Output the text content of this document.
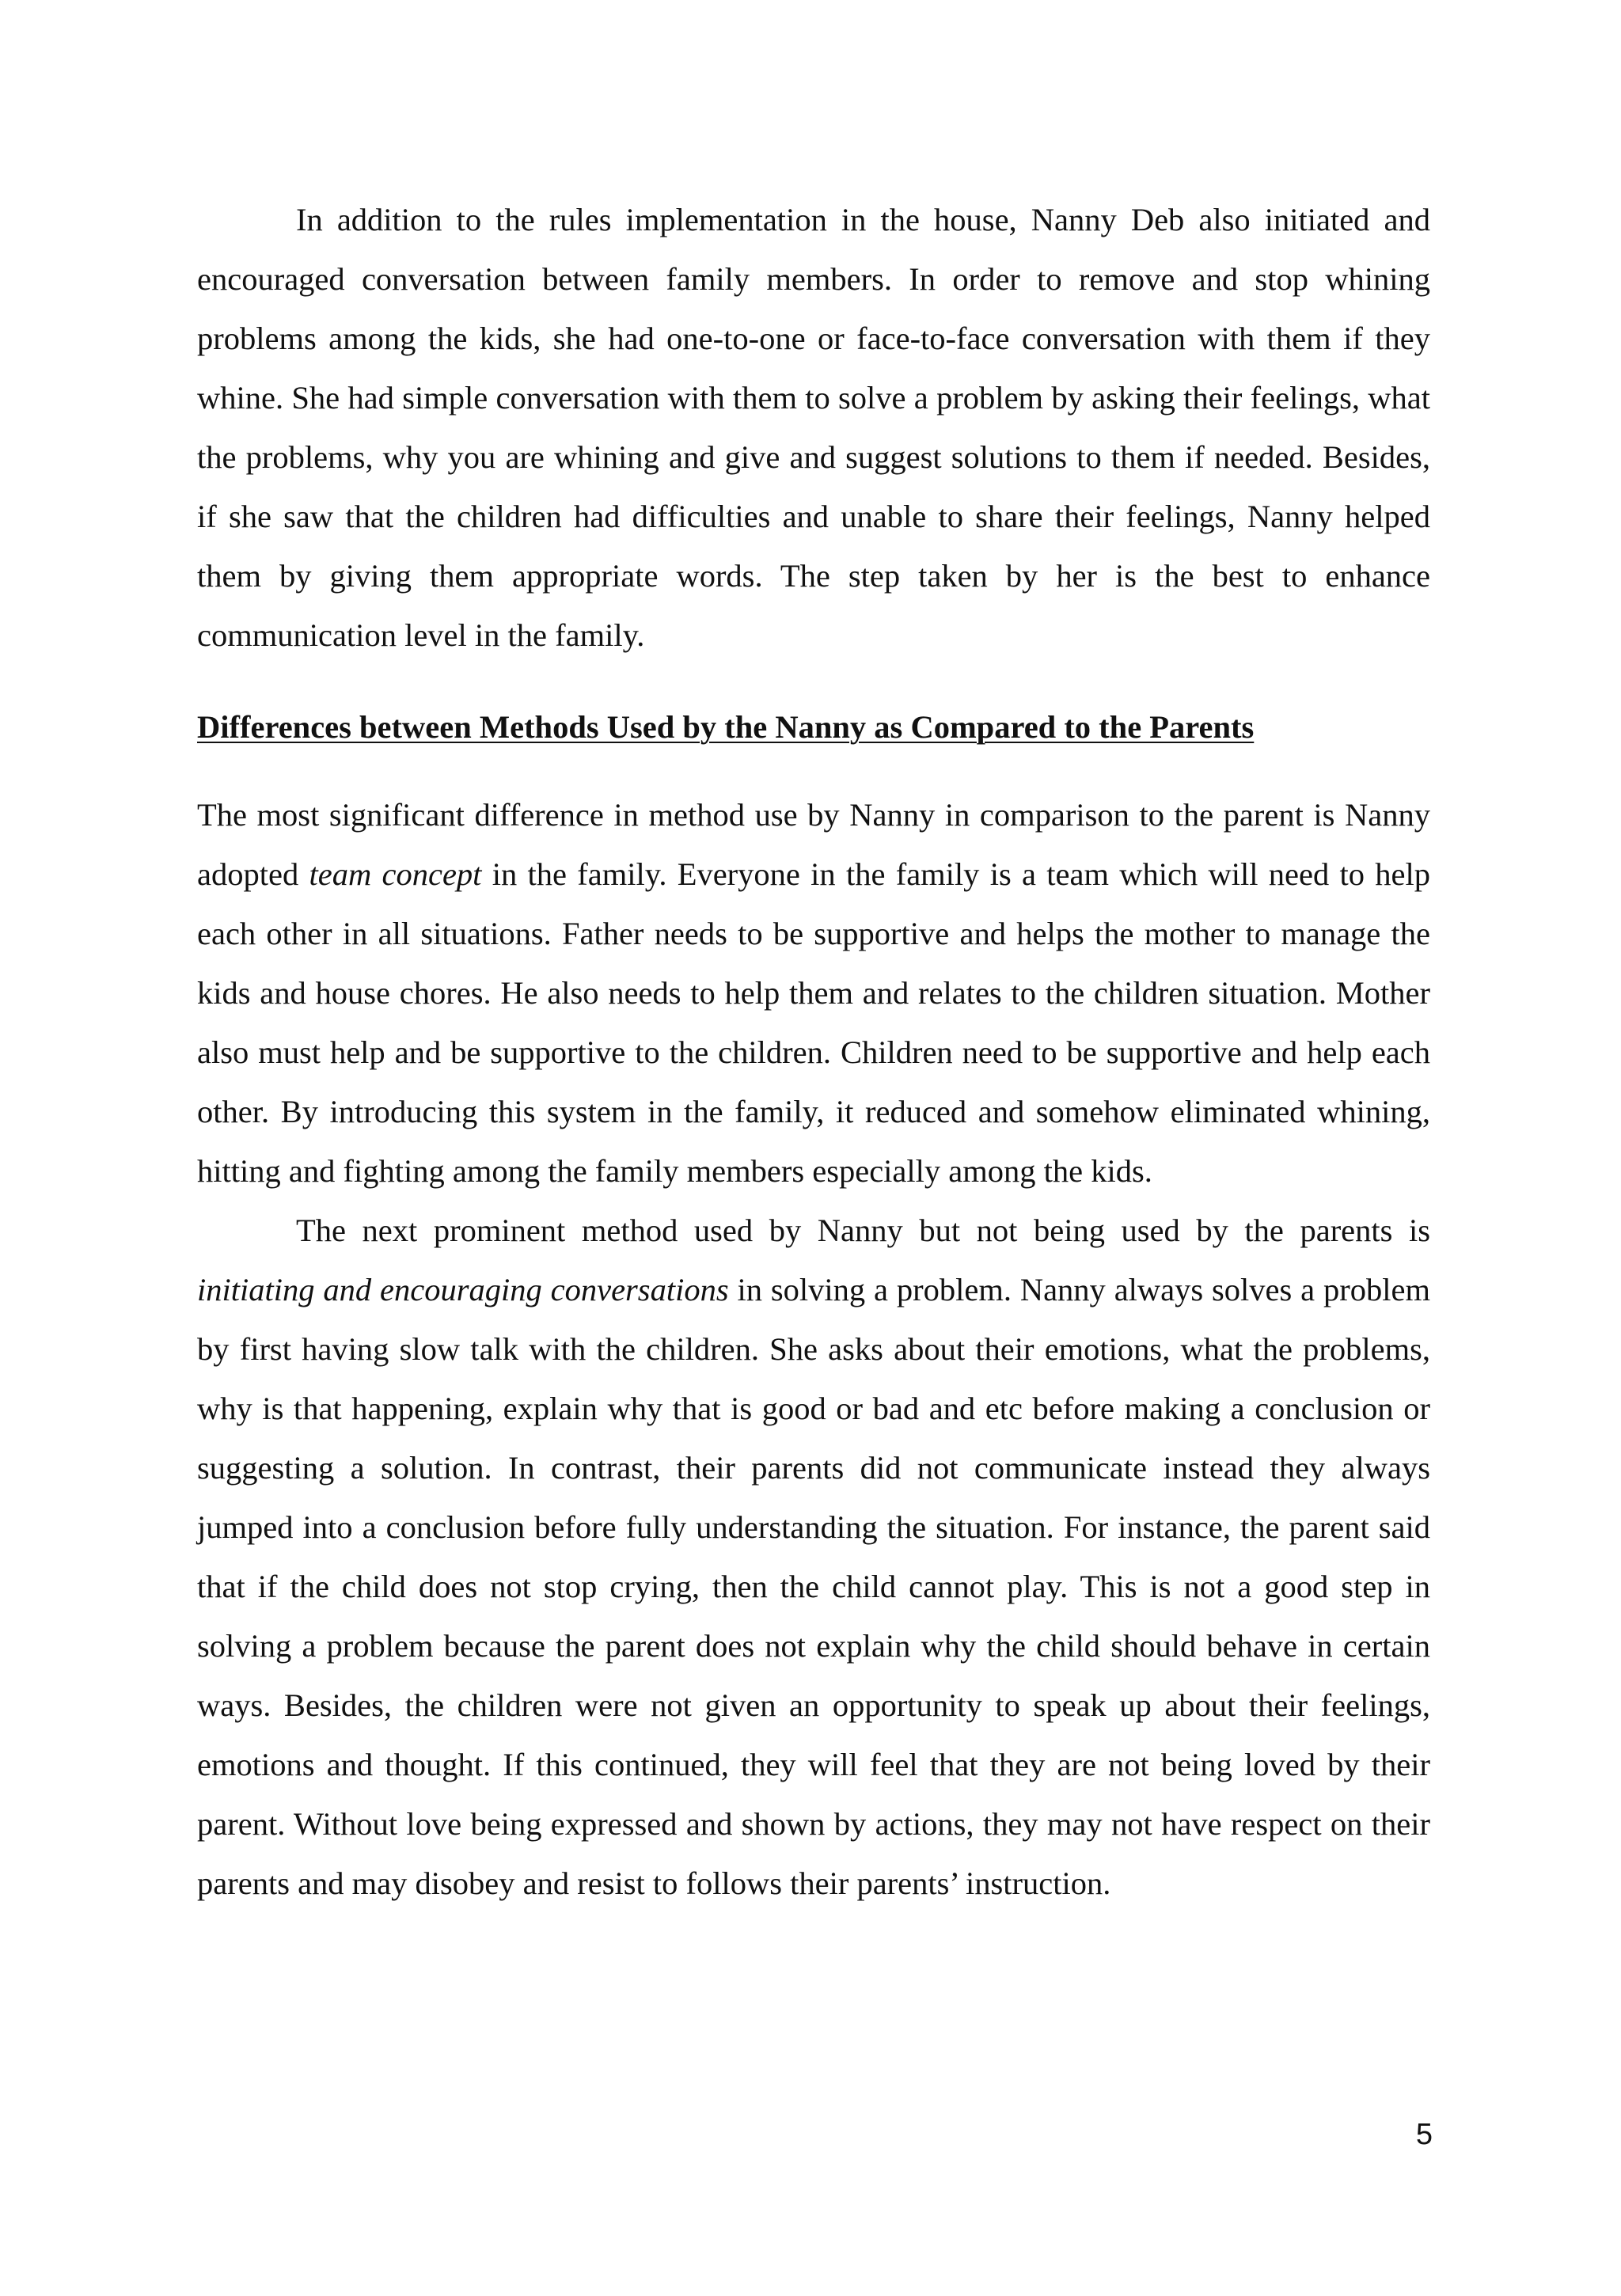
In addition to the rules implementation in the house, Nanny Deb also initiated and encouraged conversation between family members. In order to remove and stop whining problems among the kids, she had one-to-one or face-to-face conversation with them if they whine. She had simple conversation with them to solve a problem by asking their feelings, what the problems, why you are whining and give and suggest solutions to them if needed. Besides, if she saw that the children had difficulties and unable to share their feelings, Nanny helped them by giving them appropriate words. The step taken by her is the best to enhance communication level in the family.

Differences between Methods Used by the Nanny as Compared to the Parents

The most significant difference in method use by Nanny in comparison to the parent is Nanny adopted team concept in the family. Everyone in the family is a team which will need to help each other in all situations. Father needs to be supportive and helps the mother to manage the kids and house chores. He also needs to help them and relates to the children situation. Mother also must help and be supportive to the children. Children need to be supportive and help each other. By introducing this system in the family, it reduced and somehow eliminated whining, hitting and fighting among the family members especially among the kids.

The next prominent method used by Nanny but not being used by the parents is initiating and encouraging conversations in solving a problem. Nanny always solves a problem by first having slow talk with the children. She asks about their emotions, what the problems, why is that happening, explain why that is good or bad and etc before making a conclusion or suggesting a solution. In contrast, their parents did not communicate instead they always jumped into a conclusion before fully understanding the situation. For instance, the parent said that if the child does not stop crying, then the child cannot play. This is not a good step in solving a problem because the parent does not explain why the child should behave in certain ways. Besides, the children were not given an opportunity to speak up about their feelings, emotions and thought. If this continued, they will feel that they are not being loved by their parent. Without love being expressed and shown by actions, they may not have respect on their parents and may disobey and resist to follows their parents’ instruction.

5
